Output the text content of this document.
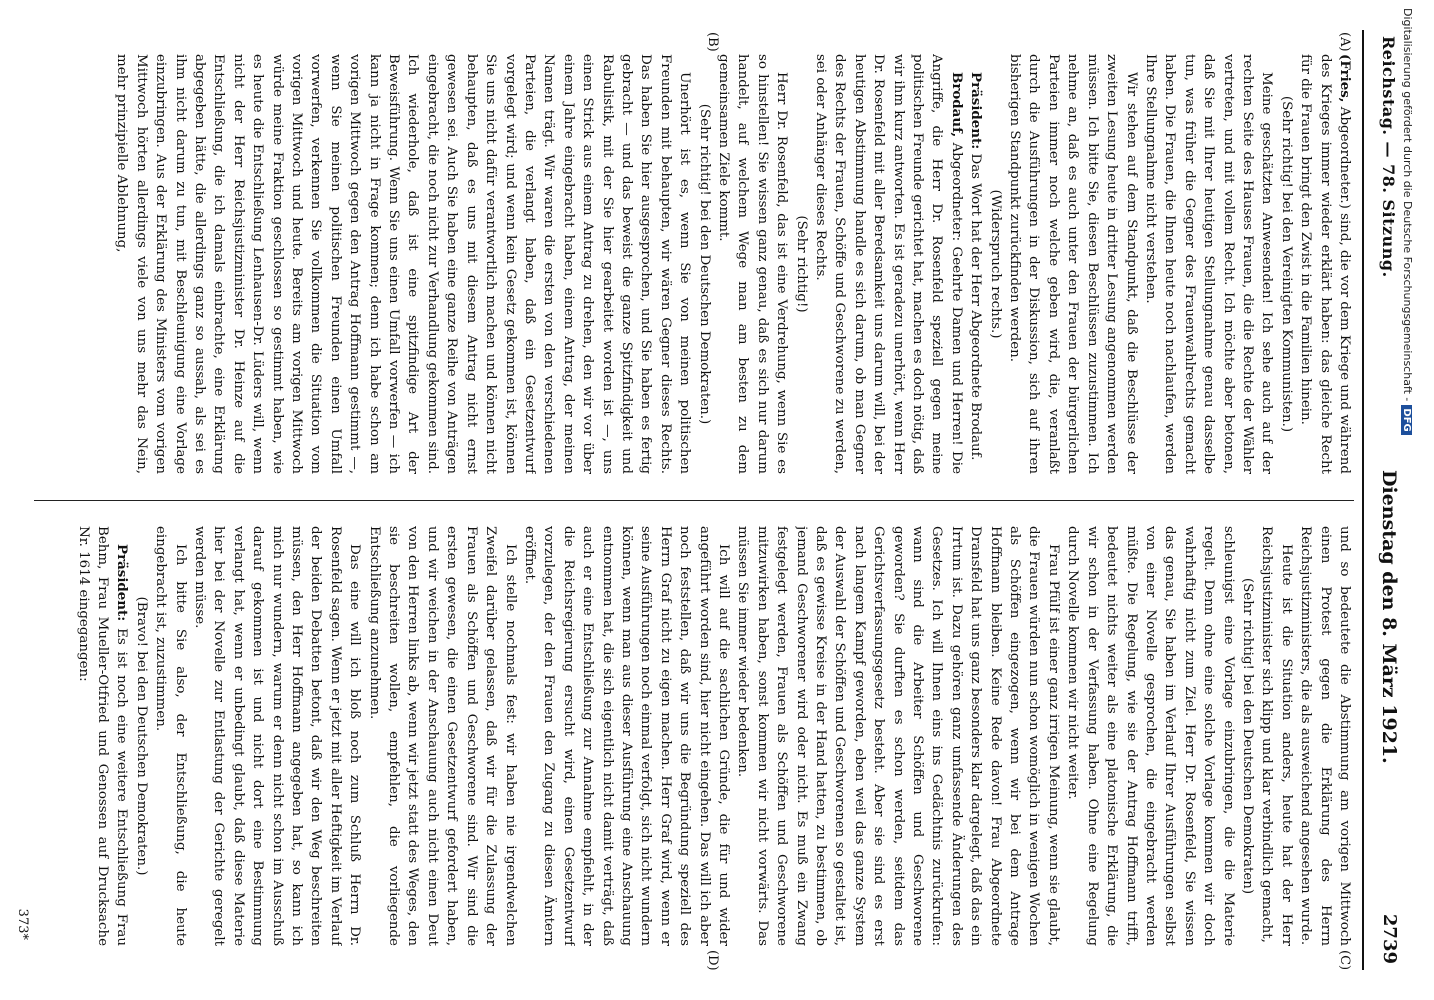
Reichstag. — 78. Sitzung.
Dienstag den 8. März 1921.
2739
(A)
(B)
(C)
(D)

(Fries, Abgeordneter.) sind, die vor dem Kriege und während des Krieges immer wieder erklärt haben: das gleiche Recht für die Frauen bringt den Zwist in die Familien hinein.

(Sehr richtig! bei den Vereinigten Kommunisten.)

Meine geschätzten Anwesenden! Ich sehe auch auf der rechten Seite des Hauses Frauen, die die Rechte der Wähler vertreten, und mit vollem Recht. Ich möchte aber betonen, daß Sie mit Ihrer heutigen Stellungnahme genau dasselbe tun, was früher die Gegner des Frauenwahlrechts gemacht haben. Die Frauen, die Ihnen heute noch nachlaufen, werden Ihre Stellungnahme nicht verstehen.

Wir stehen auf dem Standpunkt, daß die Beschlüsse der zweiten Lesung heute in dritter Lesung angenommen werden müssen. Ich bitte Sie, diesen Beschlüssen zuzustimmen. Ich nehme an, daß es auch unter den Frauen der bürgerlichen Parteien immer noch welche geben wird, die, veranlaßt durch die Ausführungen in der Diskussion, sich auf ihren bisherigen Standpunkt zurückfinden werden.

(Widerspruch rechts.)

Präsident: Das Wort hat der Herr Abgeordnete Brodauf.

Brodauf, Abgeordneter: Geehrte Damen und Herren! Die Angriffe, die Herr Dr. Rosenfeld speziell gegen meine politischen Freunde gerichtet hat, machen es doch nötig, daß wir ihm kurz antworten. Es ist geradezu unerhört, wenn Herr Dr. Rosenfeld mit aller Beredsamkeit uns darum will, bei der heutigen Abstimmung handle es sich darum, ob man Gegner des Rechts der Frauen, Schöffe und Geschworene zu werden, sei oder Anhänger dieses Rechts.

(Sehr richtig!)

Herr Dr. Rosenfeld, das ist eine Verdrehung, wenn Sie es so hinstellen! Sie wissen ganz genau, daß es sich nur darum handelt, auf welchem Wege man am besten zu dem gemeinsamen Ziele kommt.

(Sehr richtig! bei den Deutschen Demokraten.)

Unerhört ist es, wenn Sie von meinen politischen Freunden mit behaupten, wir wären Gegner dieses Rechts. Das haben Sie hier ausgesprochen, und Sie haben es fertig gebracht — und das beweist die ganze Spitzfindigkeit und Rabulistik, mit der Sie hier gearbeitet worden ist —, uns einen Strick aus einem Antrag zu drehen, den wir vor über einem Jahre eingebracht haben, einem Antrag, der meinen Namen trägt. Wir waren die ersten von den verschiedenen Parteien, die verlangt haben, daß ein Gesetzentwurf vorgelegt wird; und wenn kein Gesetz gekommen ist, können Sie uns nicht dafür verantwortlich machen und können nicht behaupten, daß es uns mit diesem Antrag nicht ernst gewesen sei. Auch Sie haben eine ganze Reihe von Anträgen eingebracht, die noch nicht zur Verhandlung gekommen sind. Ich wiederhole, daß ist eine spitzfindige Art der Beweisführung. Wenn Sie uns einen Umfall vorwerfen — ich kann ja nicht in Frage kommen; denn ich habe schon am vorigen Mittwoch gegen den Antrag Hoffmann gestimmt —, wenn Sie meinen politischen Freunden einen Umfall vorwerfen, verkennen Sie vollkommen die Situation vom vorigen Mittwoch und heute. Bereits am vorigen Mittwoch würde meine Fraktion geschlossen so gestimmt haben, wie es heute die Entschließung Lenhausen-Dr. Lüders will, wenn nicht der Herr Reichsjustizminister Dr. Heinze auf die Entschließung, die ich damals einbrachte, eine Erklärung abgegeben hätte, die allerdings ganz so aussah, als sei es ihm nicht darum zu tun, mit Beschleunigung eine Vorlage einzubringen. Aus der Erklärung des Ministers vom vorigen Mittwoch hörten allerdings viele von uns mehr das Nein, mehr prinzipielle Ablehnung,

und so bedeutete die Abstimmung am vorigen Mittwoch einen Protest gegen die Erklärung des Herrn Reichsjustizministers, die als ausweichend angesehen wurde.

Heute ist die Situation anders, heute hat der Herr Reichsjustizminister sich klipp und klar verbindlich gemacht,

(Sehr richtig! bei den Deutschen Demokraten)

schleunigst eine Vorlage einzubringen, die die Materie regelt. Denn ohne eine solche Vorlage kommen wir doch wahrhaftig nicht zum Ziel. Herr Dr. Rosenfeld, Sie wissen das genau, Sie haben im Verlauf Ihrer Ausführungen selbst von einer Novelle gesprochen, die eingebracht werden müßte. Die Regelung, wie sie der Antrag Hoffmann trifft, bedeutet nichts weiter als eine platonische Erklärung, die wir schon in der Verfassung haben. Ohne eine Regelung durch Novelle kommen wir nicht weiter.

Frau Pfülf ist einer ganz irrigen Meinung, wenn sie glaubt, die Frauen würden nun schon womöglich in wenigen Wochen als Schöffen eingezogen, wenn wir bei dem Antrage Hoffmann bleiben. Keine Rede davon! Frau Abgeordnete Dransfeld hat uns ganz besonders klar dargelegt, daß das ein Irrtum ist. Dazu gehören ganz umfassende Änderungen des Gesetzes. Ich will Ihnen eins ins Gedächtnis zurückrufen: wann sind die Arbeiter Schöffen und Geschworene geworden? Sie durften es schon werden, seitdem das Gerichtsverfassungsgesetz besteht. Aber sie sind es erst nach langem Kampf geworden, eben weil das ganze System der Auswahl der Schöffen und Geschworenen so gestaltet ist, daß es gewisse Kreise in der Hand hatten, zu bestimmen, ob jemand Geschworener wird oder nicht. Es muß ein Zwang festgelegt werden, Frauen als Schöffen und Geschworene mitzuwirken haben, sonst kommen wir nicht vorwärts. Das müssen Sie immer wieder bedenken.

Ich will auf die sachlichen Gründe, die für und wider angeführt worden sind, hier nicht eingehen. Das will ich aber noch feststellen, daß wir uns die Begründung speziell des Herrn Graf nicht zu eigen machen. Herr Graf wird, wenn er seine Ausführungen noch einmal verfolgt, sich nicht wundern können, wenn man aus dieser Ausführung eine Anschauung entnommen hat, die sich eigentlich nicht damit verträgt, daß auch er eine Entschließung zur Annahme empfiehlt, in der die Reichsregierung ersucht wird, einen Gesetzentwurf vorzulegen, der den Frauen den Zugang zu diesen Ämtern eröffnet.

Ich stelle nochmals fest: wir haben nie irgendwelchen Zweifel darüber gelassen, daß wir für die Zulassung der Frauen als Schöffen und Geschworene sind. Wir sind die ersten gewesen, die einen Gesetzentwurf gefordert haben, und wir weichen in der Anschauung auch nicht einen Deut von den Herren links ab, wenn wir jetzt statt des Weges, den sie beschreiten wollen, empfehlen, die vorliegende Entschließung anzunehmen.

Das eine will ich bloß noch zum Schluß Herrn Dr. Rosenfeld sagen. Wenn er jetzt mit aller Heftigkeit im Verlauf der beiden Debatten betont, daß wir den Weg beschreiten müssen, den Herr Hoffmann angegeben hat, so kann ich mich nur wundern, warum er denn nicht schon im Ausschuß darauf gekommen ist und nicht dort eine Bestimmung verlangt hat, wenn er unbedingt glaubt, daß diese Materie hier bei der Novelle zur Entlastung der Gerichte geregelt werden müsse.

Ich bitte Sie also, der Entschließung, die heute eingebracht ist, zuzustimmen.

(Bravo! bei den Deutschen Demokraten.)

Präsident: Es ist noch eine weitere Entschließung Frau Behm, Frau Mueller-Otfried und Genossen auf Drucksache Nr. 1614 eingegangen:

373*
Digitalisierung gefördert durch die Deutsche Forschungsgemeinschaft -DFG
